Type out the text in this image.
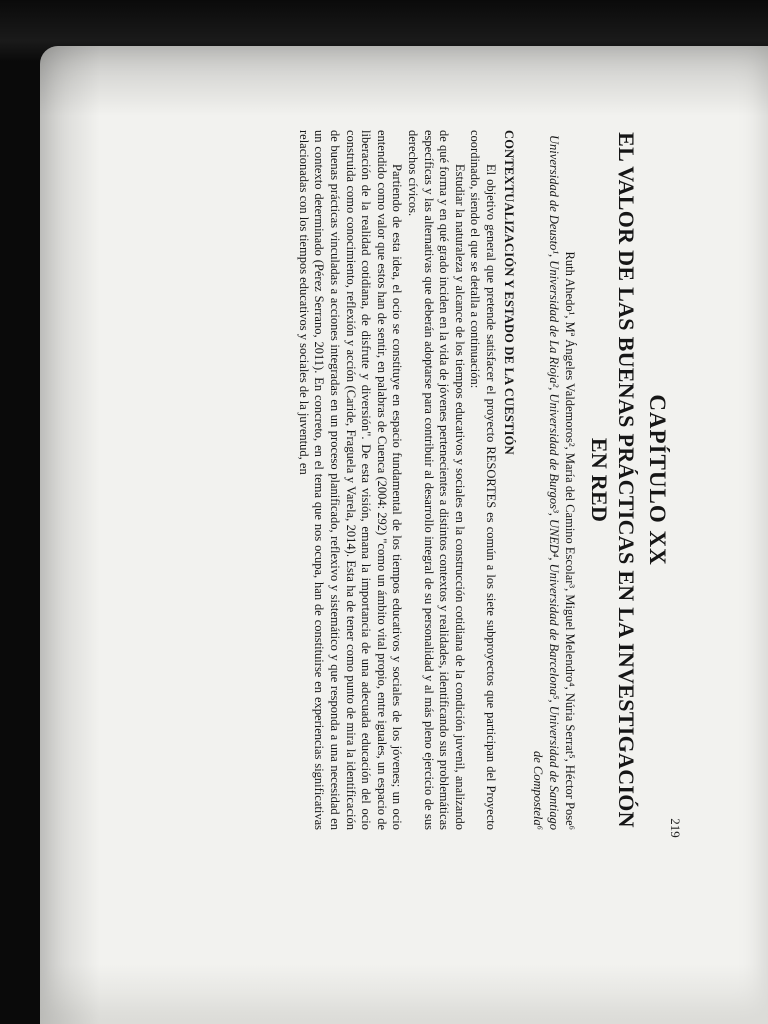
CAPÍTULO XX

EL VALOR DE LAS BUENAS PRÁCTICAS EN LA INVESTIGACIÓN EN RED

Ruth Ahedo¹, Mª Ángeles Valdemoros², María del Camino Escolar³, Miguel Melendro⁴, Núria Serrat⁵, Héctor Pose⁶

Universidad de Deusto¹, Universidad de La Rioja², Universidad de Burgos³, UNED⁴, Universidad de Barcelona⁵, Universidad de Santiago de Compostela⁶

CONTEXTUALIZACIÓN Y ESTADO DE LA CUESTIÓN

El objetivo general que pretende satisfacer el proyecto RESORTES es común a los siete subproyectos que participan del Proyecto coordinado, siendo el que se detalla a continuación:

Estudiar la naturaleza y alcance de los tiempos educativos y sociales en la construcción cotidiana de la condición juvenil, analizando de qué forma y en qué grado inciden en la vida de jóvenes pertenecientes a distintos contextos y realidades, identificando sus problemáticas específicas y las alternativas que deberán adoptarse para contribuir al desarrollo integral de su personalidad y al más pleno ejercicio de sus derechos cívicos.

Partiendo de esta idea, el ocio se constituye en espacio fundamental de los tiempos educativos y sociales de los jóvenes; un ocio entendido como valor que estos han de sentir, en palabras de Cuenca (2004: 292) "como un ámbito vital propio, entre iguales, un espacio de liberación de la realidad cotidiana, de disfrute y diversión". De esta visión, emana la importancia de una adecuada educación del ocio construida como conocimiento, reflexión y acción (Caride, Fraguela y Varela, 2014). Esta ha de tener como punto de mira la identificación de buenas prácticas vinculadas a acciones integradas en un proceso planificado, reflexivo y sistemático y que responda a una necesidad en un contexto determinado (Pérez Serrano, 2011). En concreto, en el tema que nos ocupa, han de constituirse en experiencias significativas relacionadas con los tiempos educativos y sociales de la juventud, en

219
